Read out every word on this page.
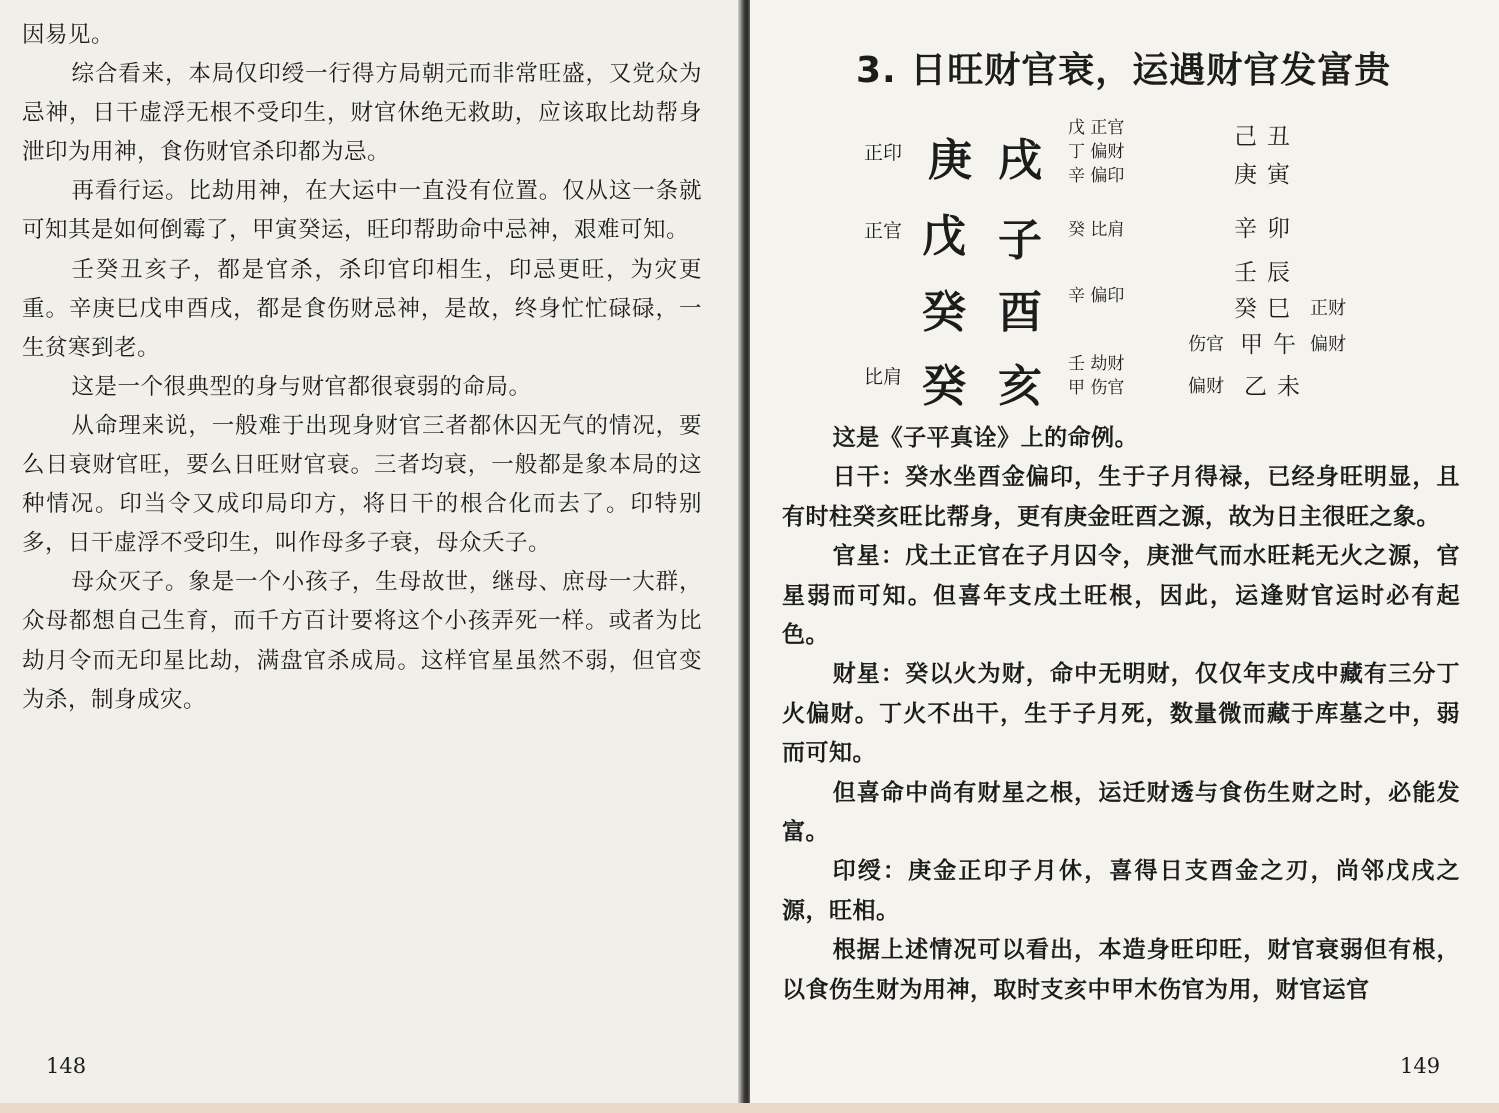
因易见。

综合看来，本局仅印绶一行得方局朝元而非常旺盛，又党众为忌神，日干虚浮无根不受印生，财官休绝无救助，应该取比劫帮身泄印为用神，食伤财官杀印都为忌。

再看行运。比劫用神，在大运中一直没有位置。仅从这一条就可知其是如何倒霉了，甲寅癸运，旺印帮助命中忌神，艰难可知。

壬癸丑亥子，都是官杀，杀印官印相生，印忌更旺，为灾更重。辛庚巳戊申酉戌，都是食伤财忌神，是故，终身忙忙碌碌，一生贫寒到老。

这是一个很典型的身与财官都很衰弱的命局。

从命理来说，一般难于出现身财官三者都休囚无气的情况，要么日衰财官旺，要么日旺财官衰。三者均衰，一般都是象本局的这种情况。印当令又成印局印方，将日干的根合化而去了。印特别多，日干虚浮不受印生，叫作母多子衰，母众夭子。

母众灭子。象是一个小孩子，生母故世，继母、庶母一大群，众母都想自己生育，而千方百计要将这个小孩弄死一样。或者为比劫月令而无印星比劫，满盘官杀成局。这样官星虽然不弱，但官变为杀，制身成灾。

148
3. 日旺财官衰，运遇财官发富贵
正印 庚 戌
戊 正官
丁 偏财
辛 偏印
正官 戊 子 癸 比肩
癸 酉 辛 偏印
比肩 癸 亥 壬 劫财
甲 伤官
己丑
庚寅
辛卯
壬辰
癸巳 正财
伤官 甲午 偏财
偏财 乙未

这是《子平真诠》上的命例。

日干：癸水坐酉金偏印，生于子月得禄，已经身旺明显，且有时柱癸亥旺比帮身，更有庚金旺酉之源，故为日主很旺之象。

官星：戊土正官在子月囚令，庚泄气而水旺耗无火之源，官星弱而可知。但喜年支戌土旺根，因此，运逢财官运时必有起色。

财星：癸以火为财，命中无明财，仅仅年支戌中藏有三分丁火偏财。丁火不出干，生于子月死，数量微而藏于库墓之中，弱而可知。

但喜命中尚有财星之根，运迁财透与食伤生财之时，必能发富。

印绶：庚金正印子月休，喜得日支酉金之刃，尚邻戊戌之源，旺相。

根据上述情况可以看出，本造身旺印旺，财官衰弱但有根，以食伤生财为用神，取时支亥中甲木伤官为用，财官运官

149
